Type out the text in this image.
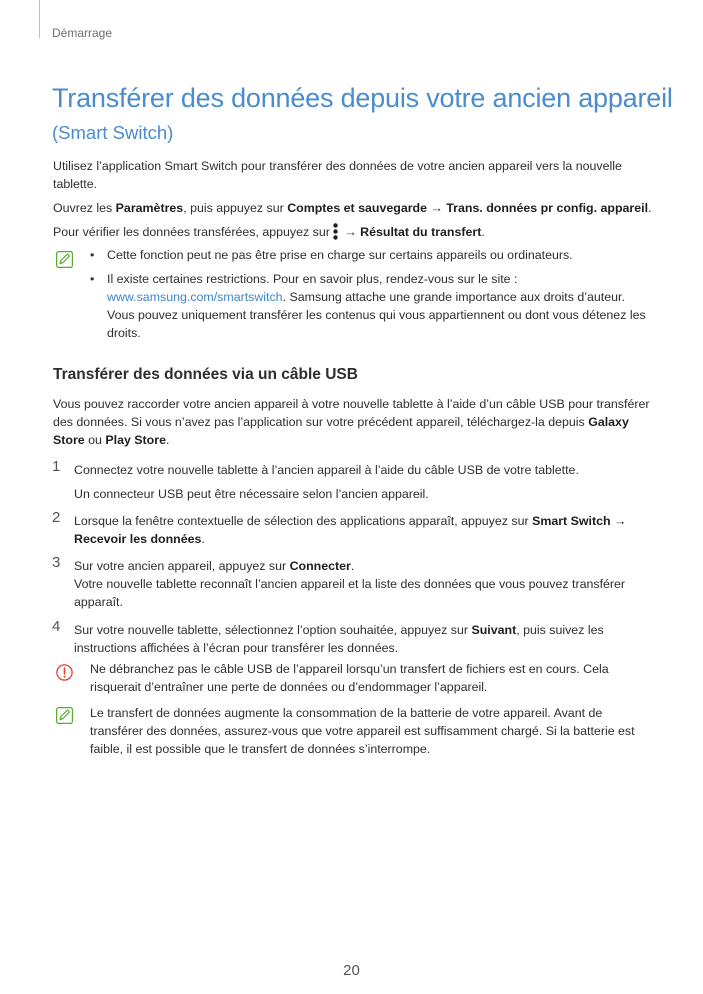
Démarrage
Transférer des données depuis votre ancien appareil
(Smart Switch)
Utilisez l’application Smart Switch pour transférer des données de votre ancien appareil vers la nouvelle tablette.
Ouvrez les Paramètres, puis appuyez sur Comptes et sauvegarde → Trans. données pr config. appareil.
Pour vérifier les données transférées, appuyez sur → Résultat du transfert.
• Cette fonction peut ne pas être prise en charge sur certains appareils ou ordinateurs.
• Il existe certaines restrictions. Pour en savoir plus, rendez-vous sur le site :
www.samsung.com/smartswitch. Samsung attache une grande importance aux droits d’auteur.
Vous pouvez uniquement transférer les contenus qui vous appartiennent ou dont vous détenez les
droits.
Transférer des données via un câble USB
Vous pouvez raccorder votre ancien appareil à votre nouvelle tablette à l’aide d’un câble USB pour transférer
des données. Si vous n’avez pas l’application sur votre précédent appareil, téléchargez-la depuis Galaxy
Store ou Play Store.
1 Connectez votre nouvelle tablette à l’ancien appareil à l’aide du câble USB de votre tablette.
Un connecteur USB peut être nécessaire selon l’ancien appareil.
2 Lorsque la fenêtre contextuelle de sélection des applications apparaît, appuyez sur Smart Switch →
Recevoir les données.
3 Sur votre ancien appareil, appuyez sur Connecter.
Votre nouvelle tablette reconnaît l’ancien appareil et la liste des données que vous pouvez transférer
apparaît.
4 Sur votre nouvelle tablette, sélectionnez l’option souhaitée, appuyez sur Suivant, puis suivez les
instructions affichées à l’écran pour transférer les données.
Ne débranchez pas le câble USB de l’appareil lorsqu’un transfert de fichiers est en cours. Cela
risquerait d’entraîner une perte de données ou d’endommager l’appareil.
Le transfert de données augmente la consommation de la batterie de votre appareil. Avant de
transférer des données, assurez-vous que votre appareil est suffisamment chargé. Si la batterie est
faible, il est possible que le transfert de données s’interrompe.
20
